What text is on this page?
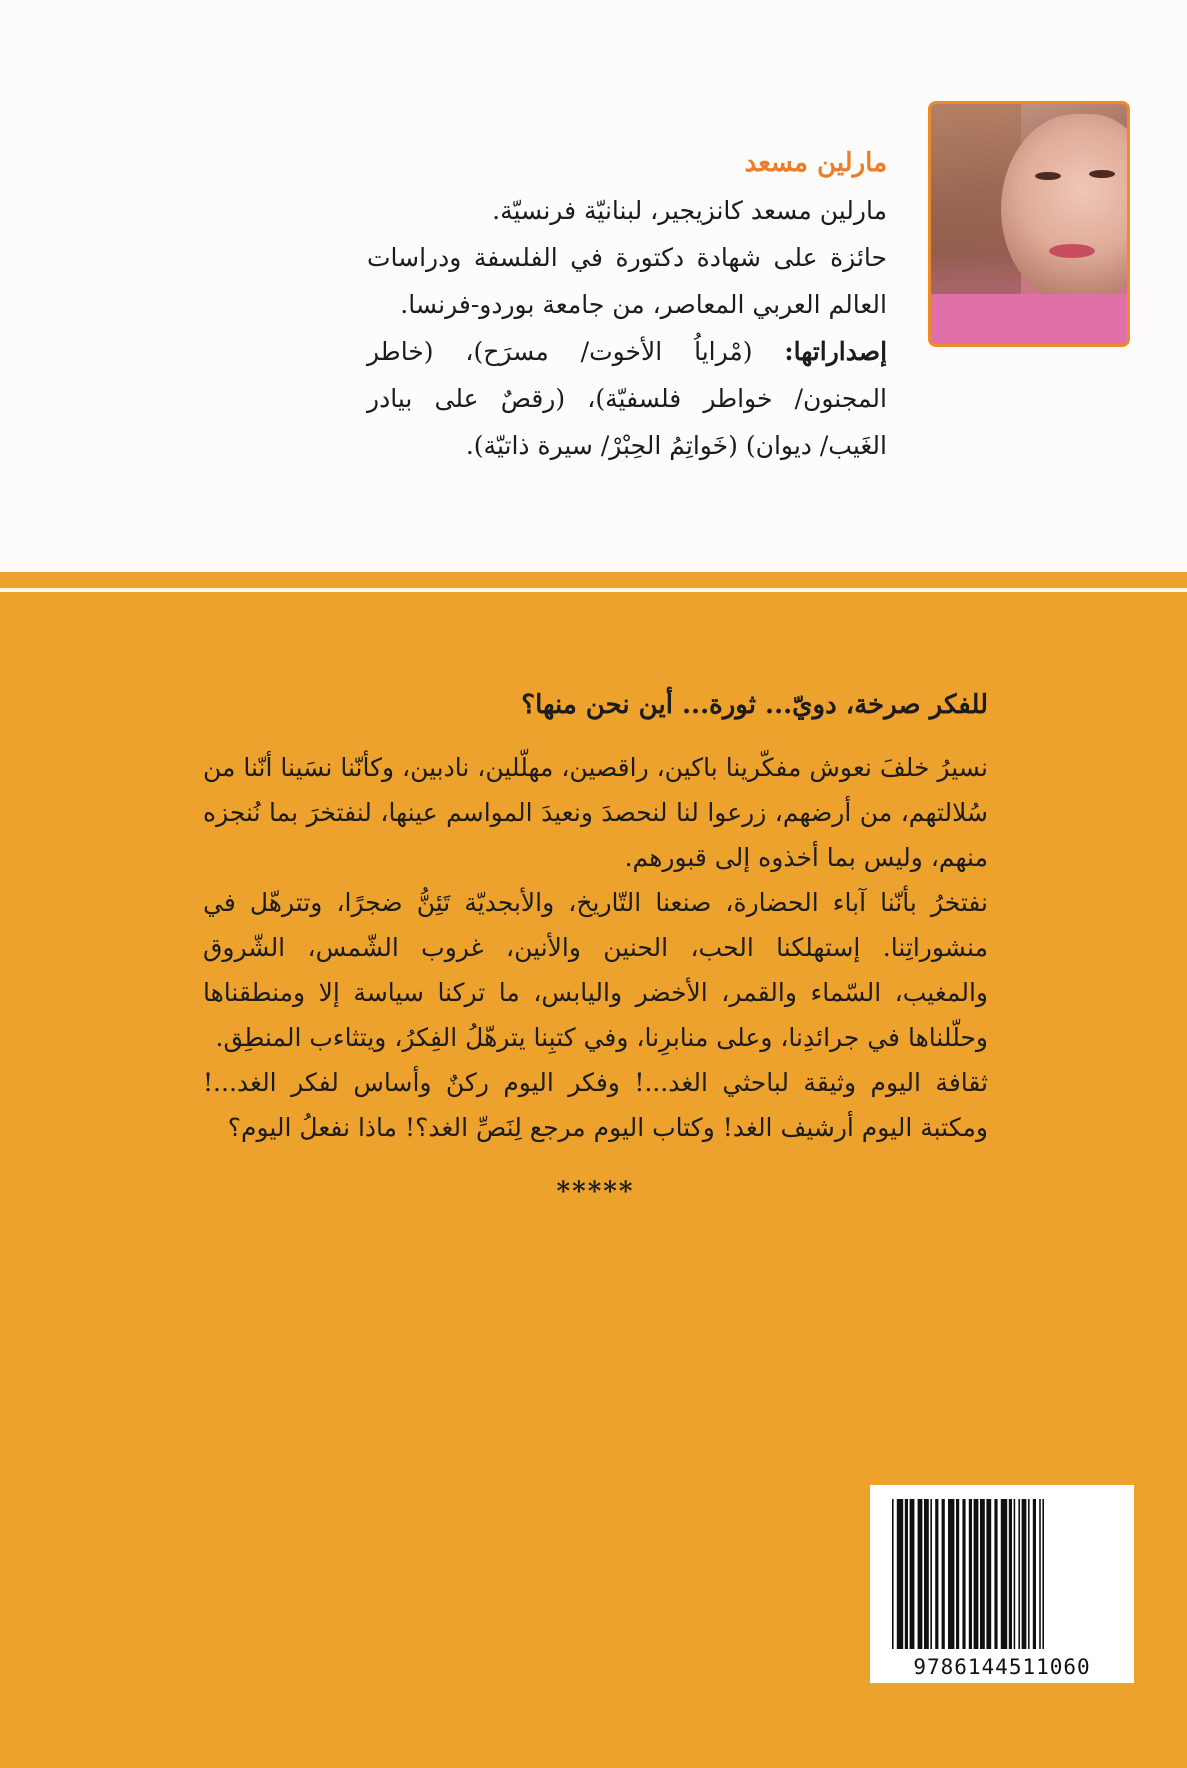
مارلين مسعد

مارلين مسعد كانزيجير، لبنانيّة فرنسيّة.

حائزة على شهادة دكتورة في الفلسفة ودراسات العالم العربي المعاصر، من جامعة بوردو-فرنسا.

إصداراتها: (مْراياُ الأخوت/ مسرَح)، (خاطر المجنون/ خواطر فلسفيّة)، (رقصٌ على بيادر الغَيب/ ديوان) (خَواتِمُ الحِبْرْ/ سيرة ذاتيّة).

للفكر صرخة، دويّ... ثورة... أين نحن منها؟

نسيرُ خلفَ نعوش مفكّرينا باكين، راقصين، مهلّلين، نادبين، وكأنّنا نسَينا أنّنا من سُلالتهم، من أرضهم، زرعوا لنا لنحصدَ ونعيدَ المواسم عينها، لنفتخرَ بما نُنجزه منهم، وليس بما أخذوه إلى قبورهم.

نفتخرُ بأنّنا آباء الحضارة، صنعنا التّاريخ، والأبجديّة تَئِنُّ ضجرًا، وتترهّل في منشوراتِنا. إستهلكنا الحب، الحنين والأنين، غروب الشّمس، الشّروق والمغيب، السّماء والقمر، الأخضر واليابس، ما تركنا سياسة إلا ومنطقناها وحلّلناها في جرائدِنا، وعلى منابرِنا، وفي كتبِنا يترهّلُ الفِكرُ، ويتثاءب المنطِق.

ثقافة اليوم وثيقة لباحثي الغد...! وفكر اليوم ركنٌ وأساس لفكر الغد...! ومكتبة اليوم أرشيف الغد! وكتاب اليوم مرجع لِنَصِّ الغد؟! ماذا نفعلُ اليوم؟

*****
9786144511060
